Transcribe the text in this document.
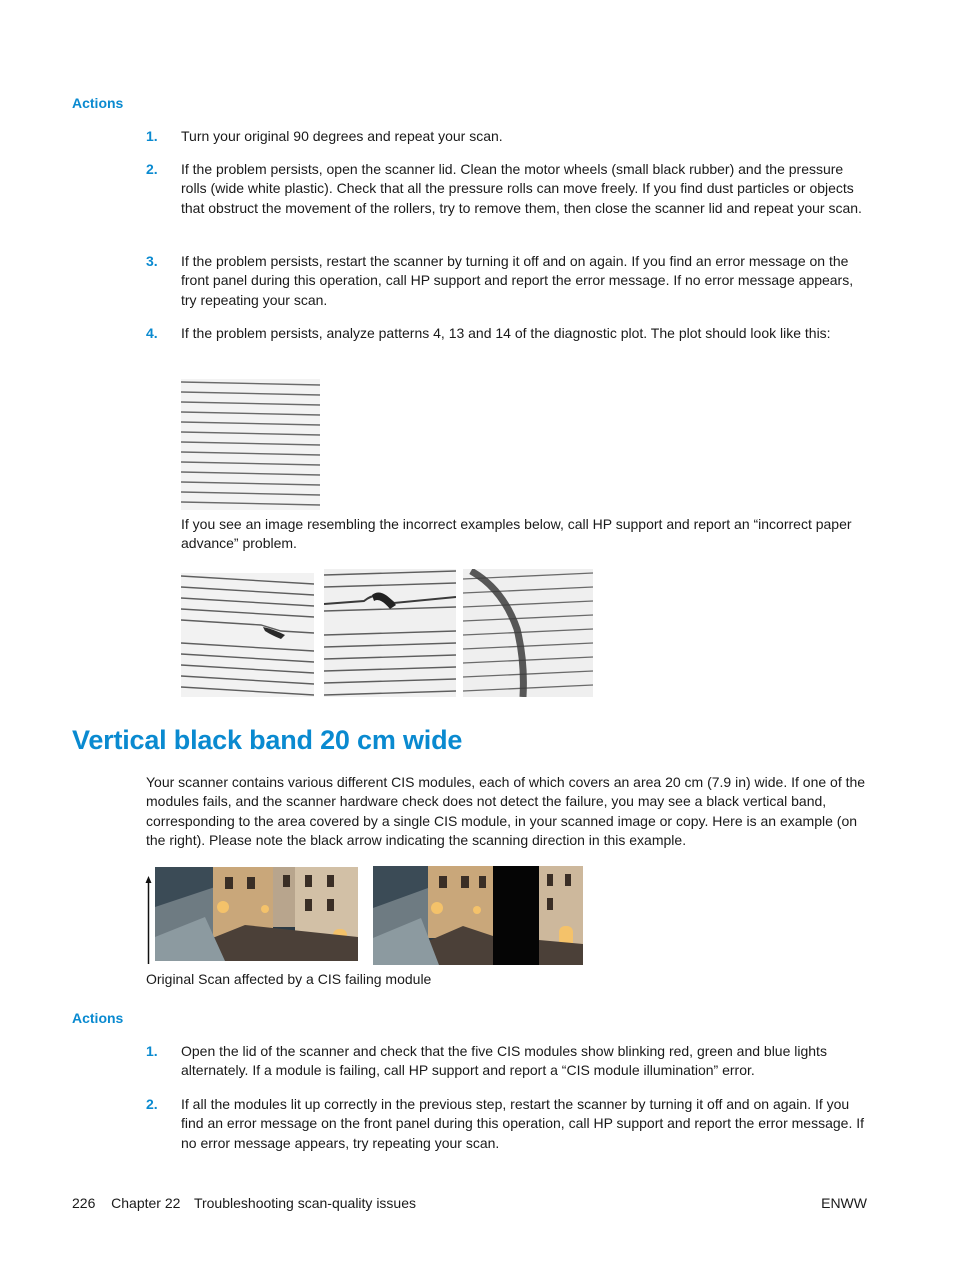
Actions
1. Turn your original 90 degrees and repeat your scan.
2. If the problem persists, open the scanner lid. Clean the motor wheels (small black rubber) and the pressure rolls (wide white plastic). Check that all the pressure rolls can move freely. If you find dust particles or objects that obstruct the movement of the rollers, try to remove them, then close the scanner lid and repeat your scan.
3. If the problem persists, restart the scanner by turning it off and on again. If you find an error message on the front panel during this operation, call HP support and report the error message. If no error message appears, try repeating your scan.
4. If the problem persists, analyze patterns 4, 13 and 14 of the diagnostic plot. The plot should look like this:
If you see an image resembling the incorrect examples below, call HP support and report an “incorrect paper advance” problem.
Vertical black band 20 cm wide
Your scanner contains various different CIS modules, each of which covers an area 20 cm (7.9 in) wide. If one of the modules fails, and the scanner hardware check does not detect the failure, you may see a black vertical band, corresponding to the area covered by a single CIS module, in your scanned image or copy. Here is an example (on the right). Please note the black arrow indicating the scanning direction in this example.
Original Scan affected by a CIS failing module
Actions
1. Open the lid of the scanner and check that the five CIS modules show blinking red, green and blue lights alternately. If a module is failing, call HP support and report a “CIS module illumination” error.
2. If all the modules lit up correctly in the previous step, restart the scanner by turning it off and on again. If you find an error message on the front panel during this operation, call HP support and report the error message. If no error message appears, try repeating your scan.
226 Chapter 22 Troubleshooting scan-quality issues	ENWW
